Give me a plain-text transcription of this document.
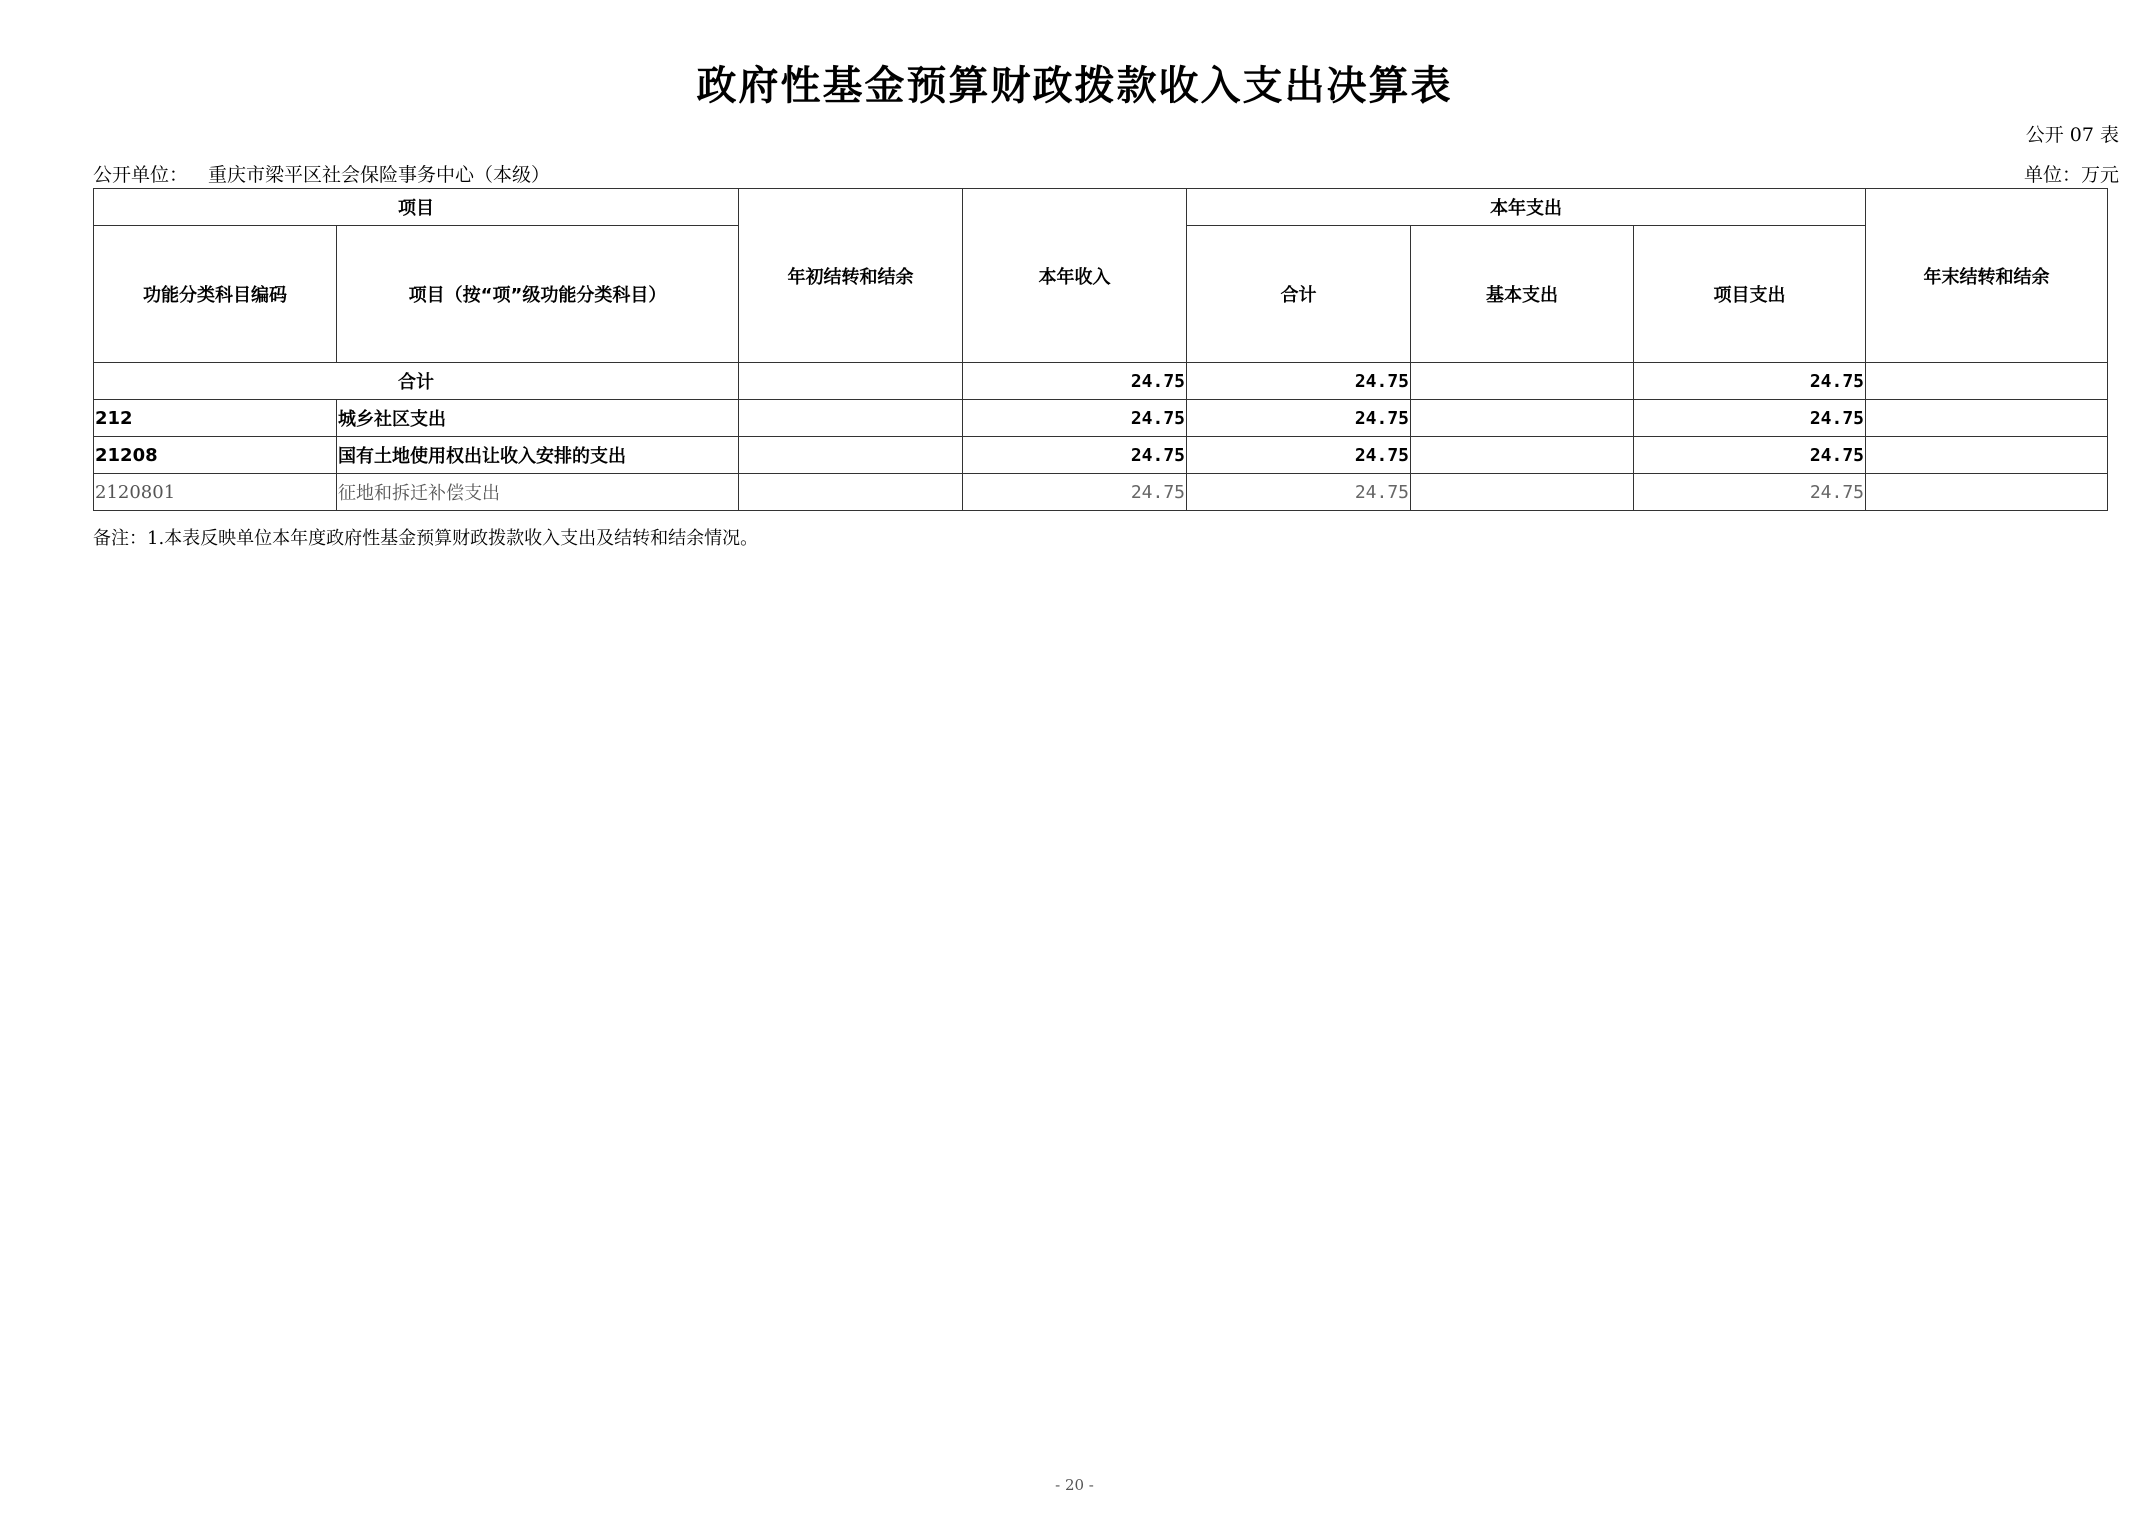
政府性基金预算财政拨款收入支出决算表
公开 07 表
公开单位： 重庆市梁平区社会保险事务中心（本级）	单位：万元
项目		年初结转和结余	本年收入	本年支出			年末结转和结余
功能分类科目编码	项目（按“项”级功能分类科目）			合计	基本支出	项目支出	
合计			24.75	24.75		24.75	
212	城乡社区支出		24.75	24.75		24.75	
21208	国有土地使用权出让收入安排的支出		24.75	24.75		24.75	
2120801	征地和拆迁补偿支出		24.75	24.75		24.75	
备注：1.本表反映单位本年度政府性基金预算财政拨款收入支出及结转和结余情况。
- 20 -
